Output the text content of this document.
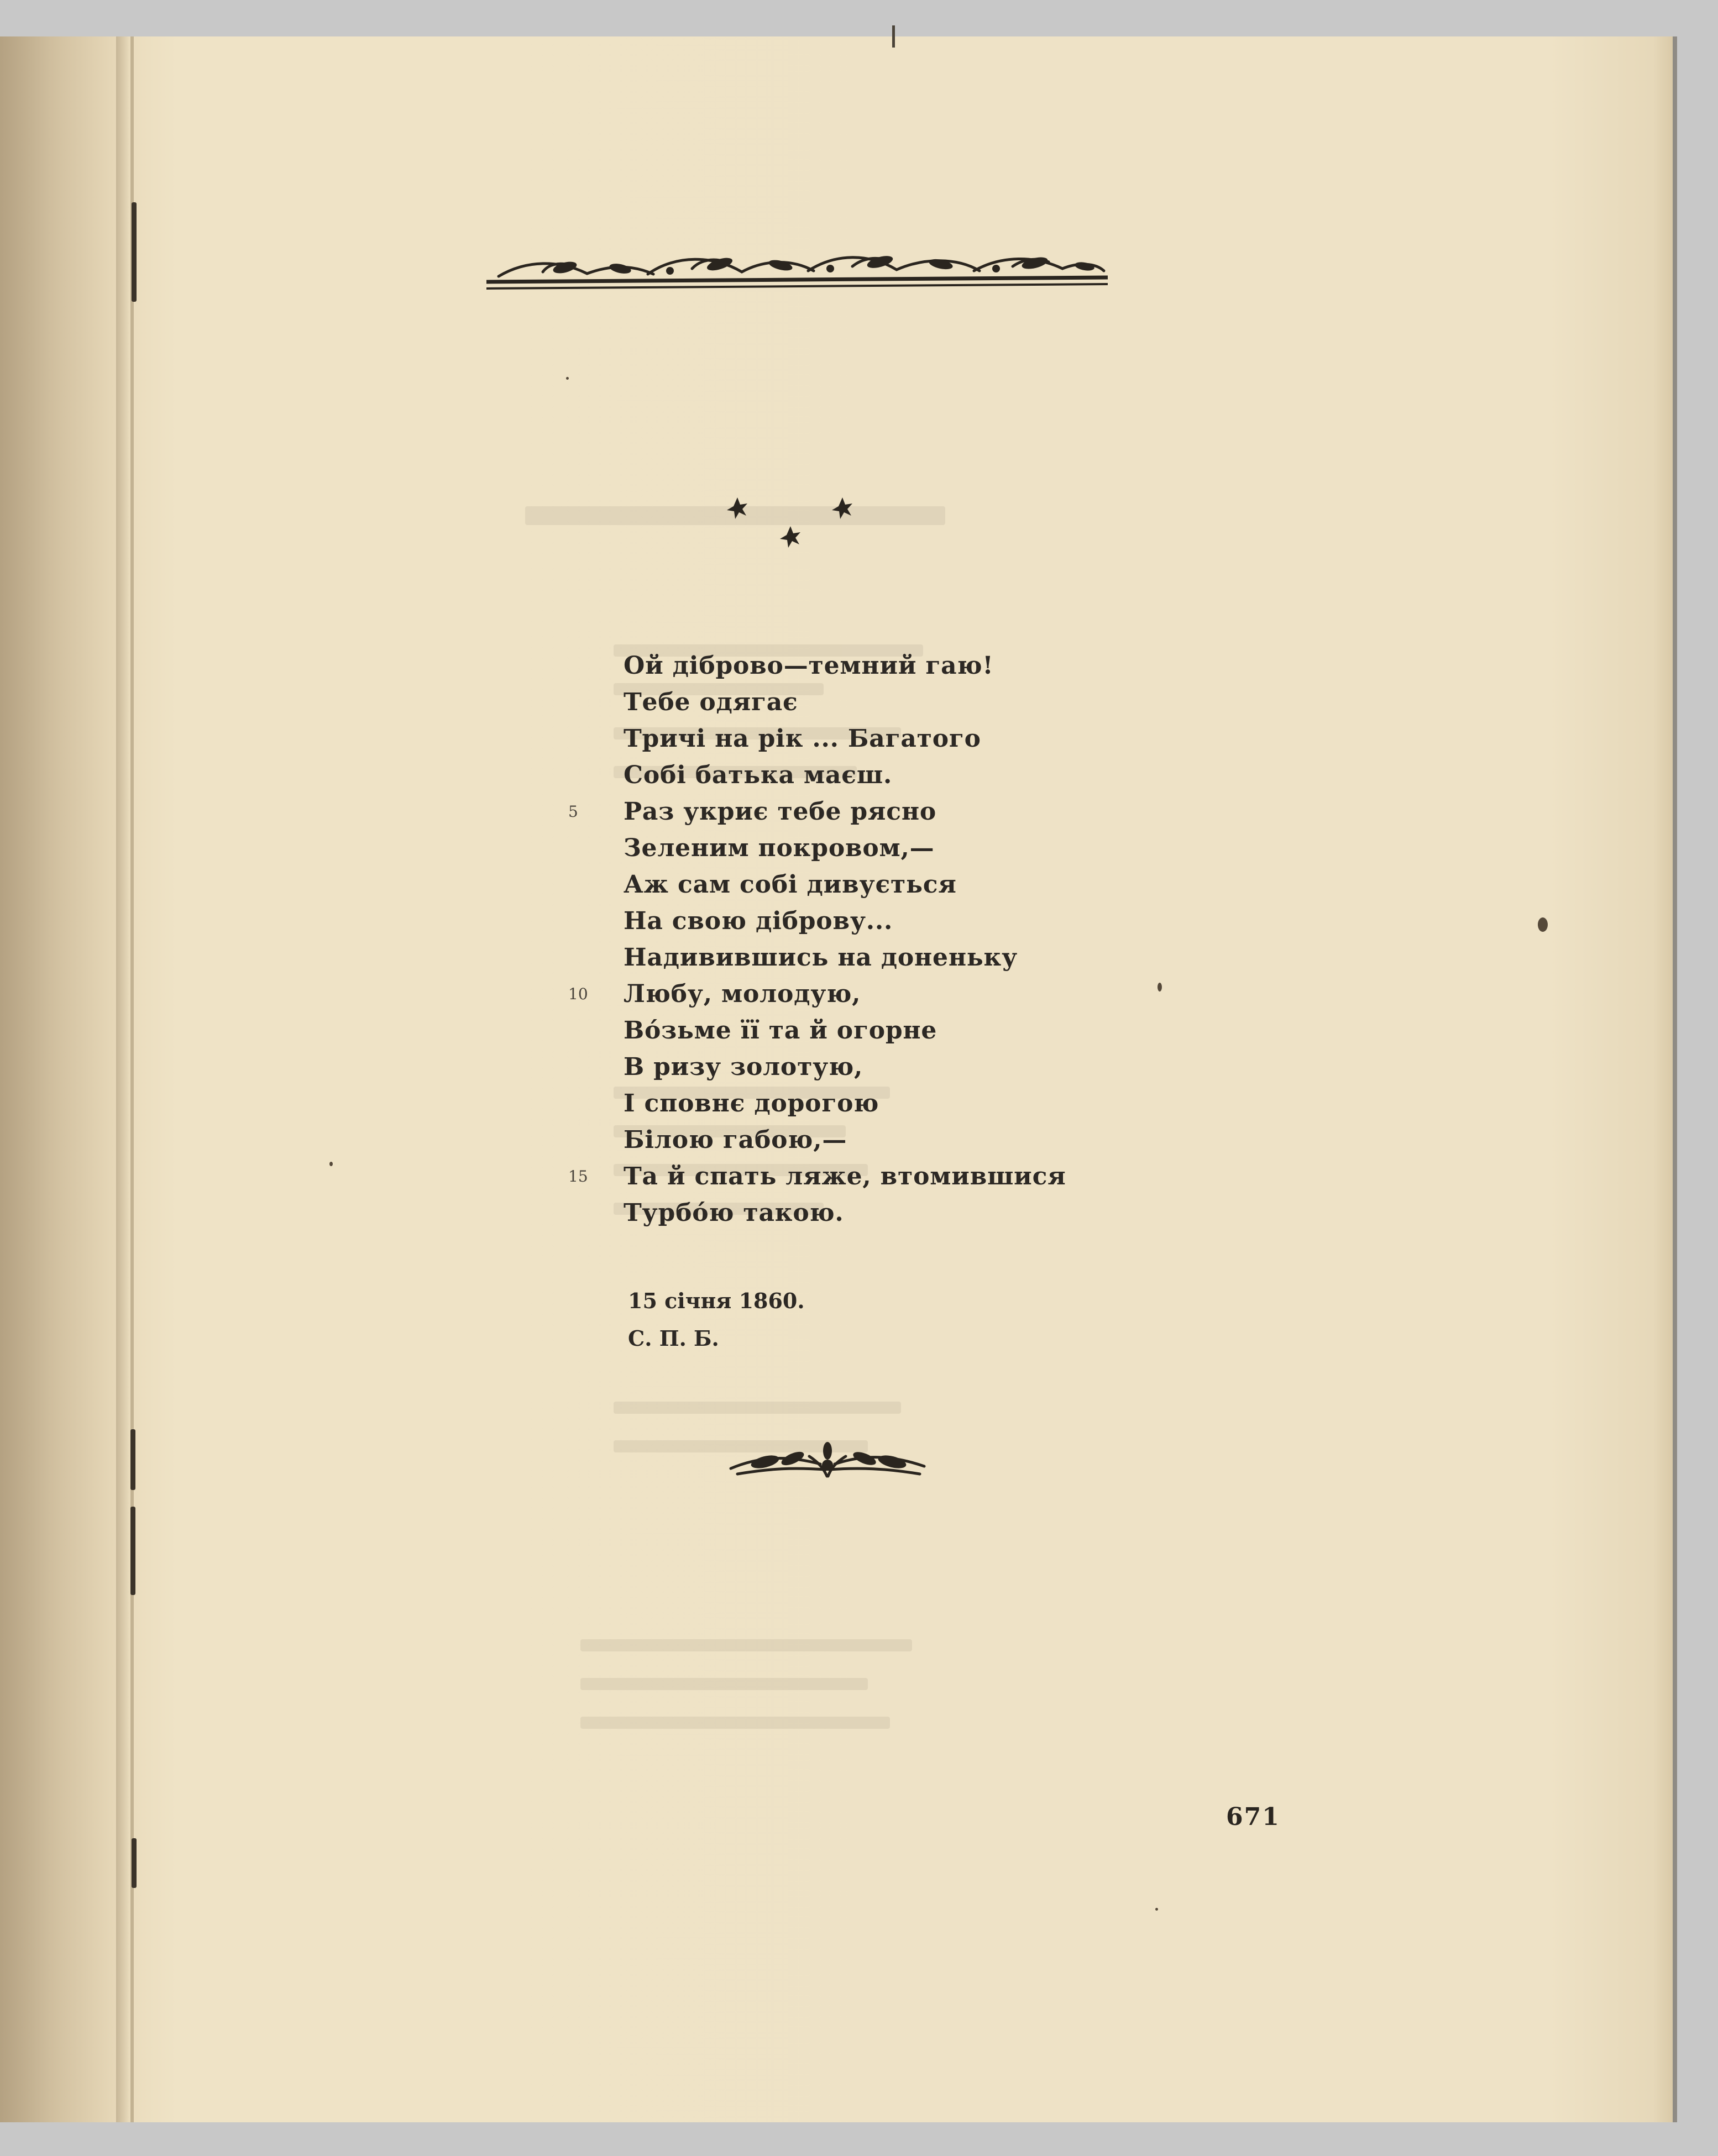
Ой діброво—темний гаю!
Тебе одягає
Тричі на рік ... Багатого
Собі батька маєш.
5	Раз укриє тебе рясно
Зеленим покровом,—
Аж сам собі дивується
На свою діброву...
Надивившись на доненьку
10	Любу, молодую,
Во́зьме її та й огорне
В ризу золотую,
І сповнє дорогою
Білою габою,—
15	Та й спать ляже, втомившися
Турбо́ю такою.
15 січня 1860.
С. П. Б.
671
